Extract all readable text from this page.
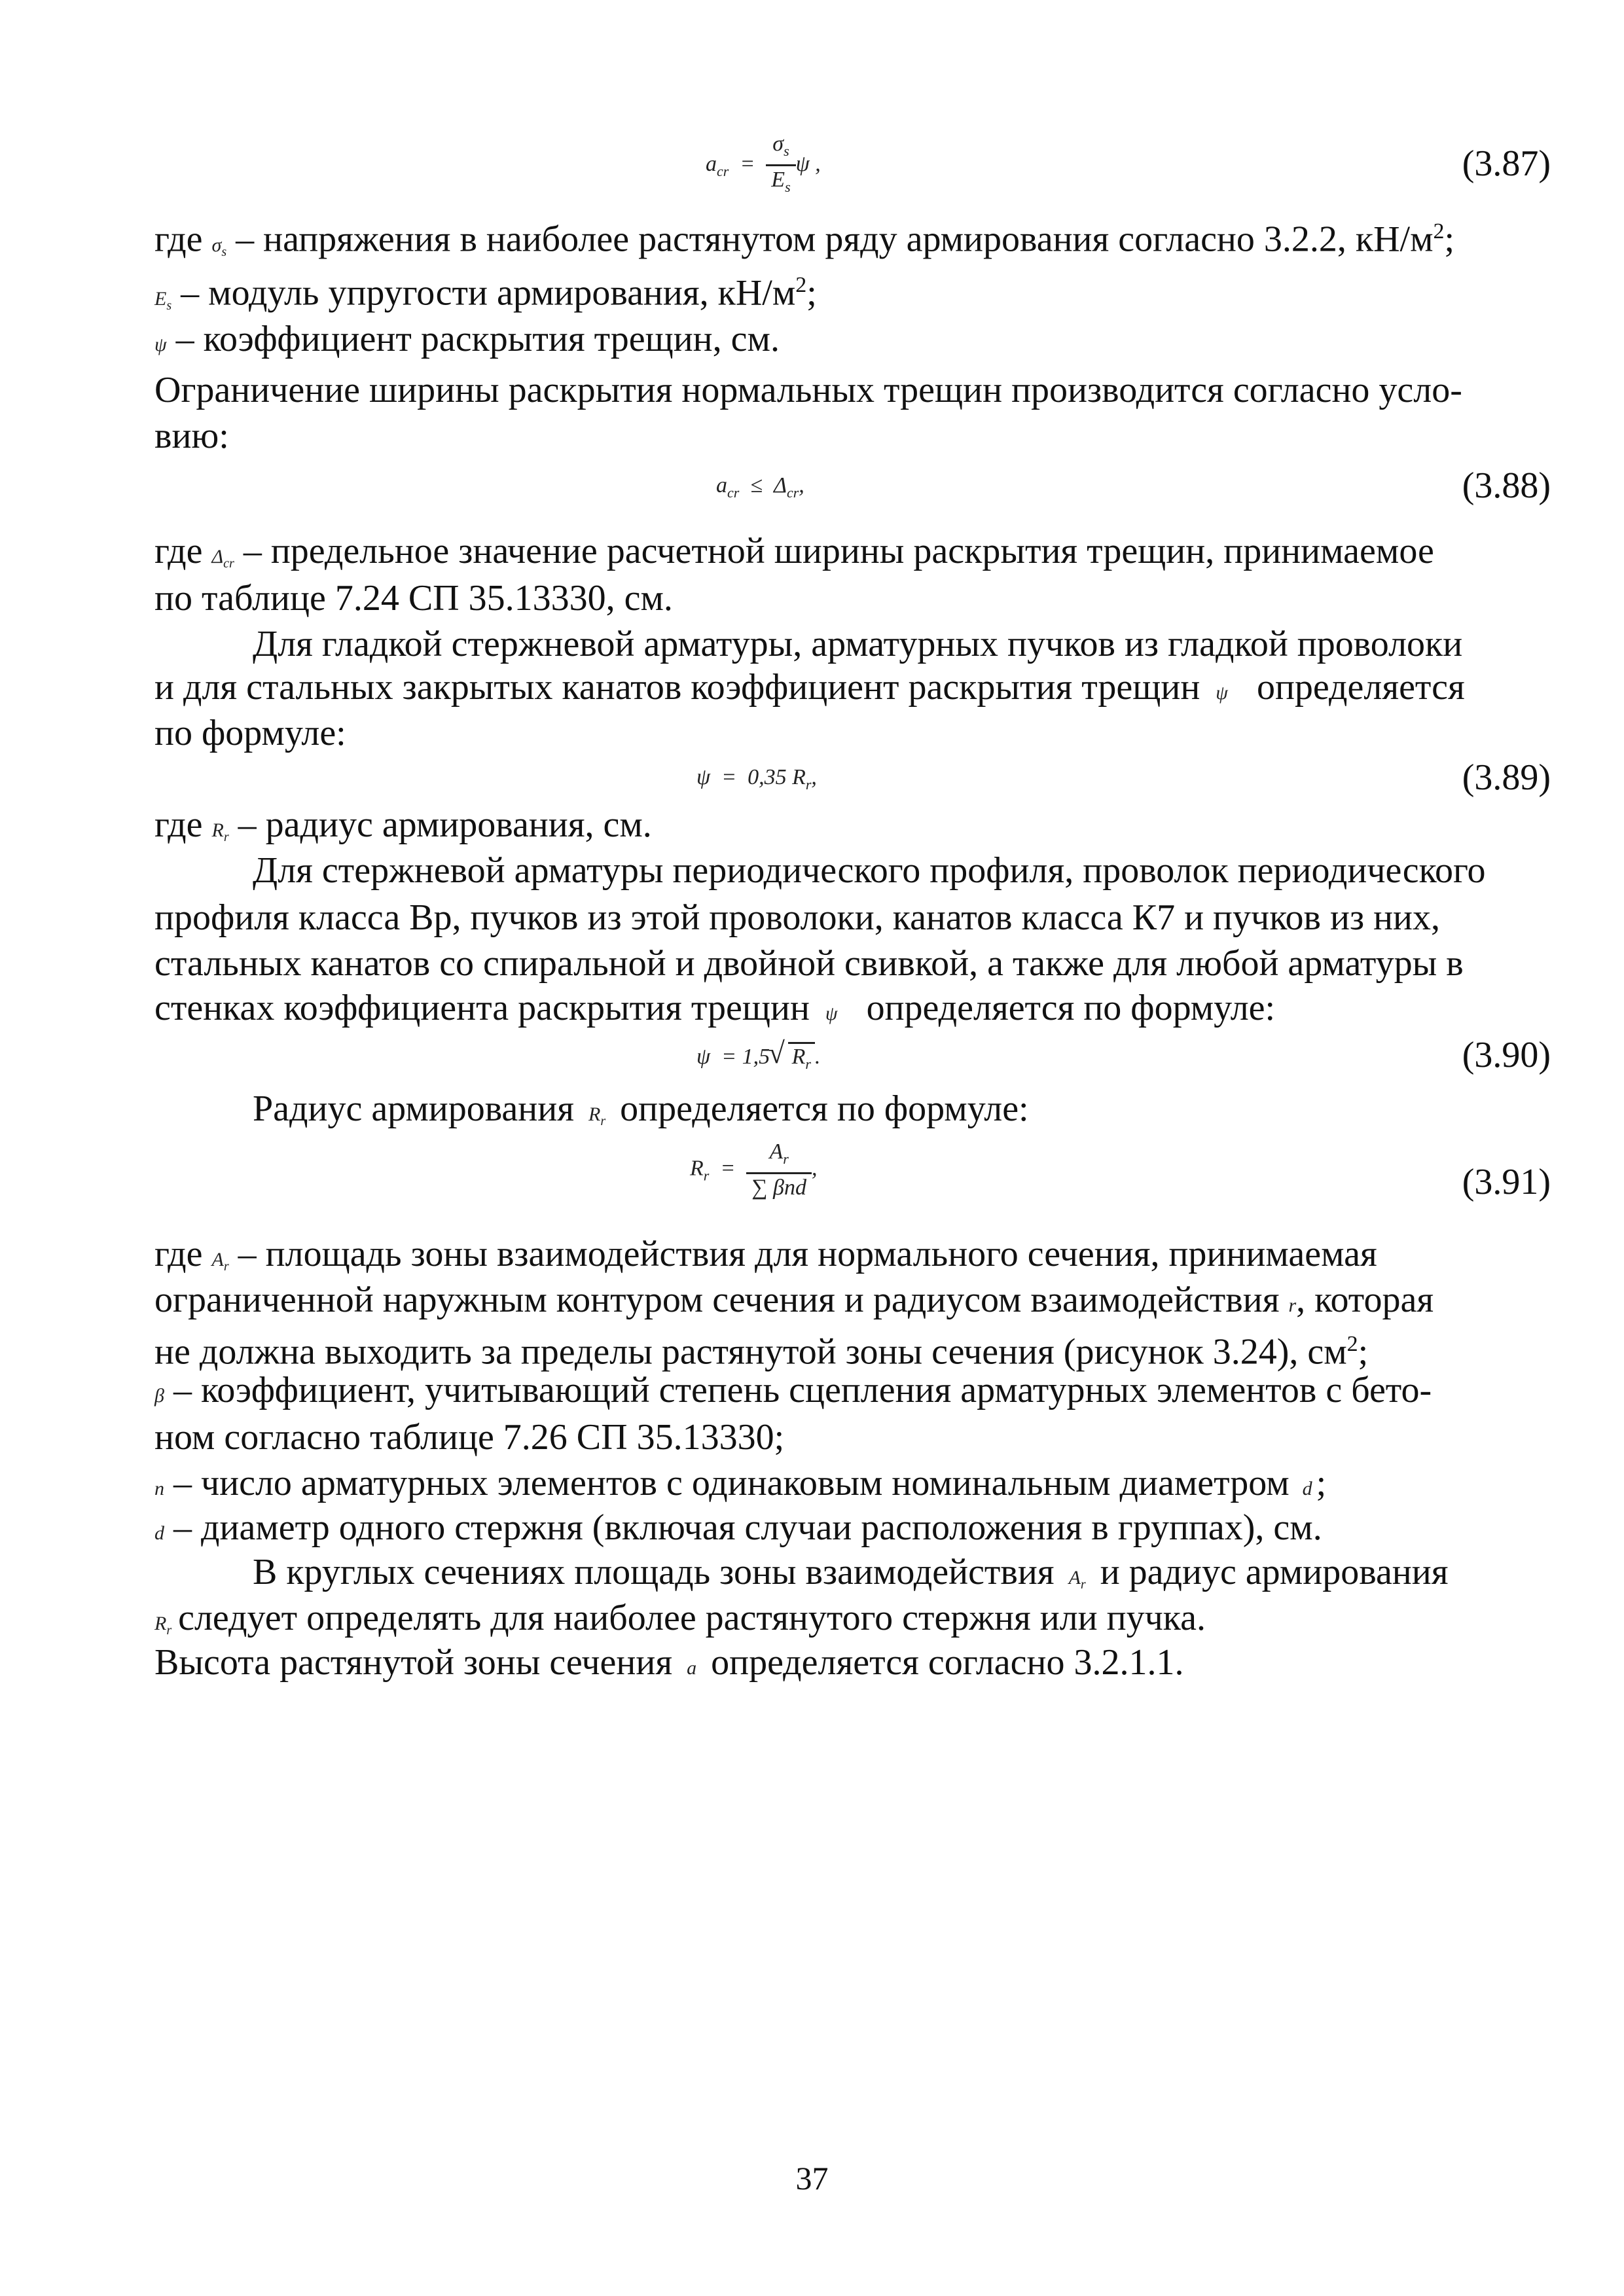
$a_{cr} = \frac{\sigma_s}{E_s}$ ψ ,	(3.87)
где $\sigma_s$ – напряжения в наиболее растянутом ряду армирования согласно 3.2.2, $кН/м^2$;
$E_s$ – модуль упругости армирования, $кН/м^2$;
ψ – коэффициент раскрытия трещин, см.
Ограничение ширины раскрытия нормальных трещин производится согласно усло-
вию:
$a_{cr} \le \Delta_{cr}$,	(3.88)
где $\Delta_{cr}$ – предельное значение расчетной ширины раскрытия трещин, принимаемое
по таблице 7.24 СП 35.13330, см.
Для гладкой стержневой арматуры, арматурных пучков из гладкой проволоки
и для стальных закрытых канатов коэффициент раскрытия трещин ψ определяется
по формуле:
ψ = 0,35 $R_r$,	(3.89)
где $R_r$ – радиус армирования, см.
Для стержневой арматуры периодического профиля, проволок периодического
профиля класса Вр, пучков из этой проволоки, канатов класса К7 и пучков из них,
стальных канатов со спиральной и двойной свивкой, а также для любой арматуры в
стенках коэффициента раскрытия трещин ψ определяется по формуле:
ψ = 1,5   √ $R_r$ .	(3.90)
Радиус армирования $R_r$ определяется по формуле:
$R_r = \frac{A_r}{\text{∑ βnd}}$ ,	(3.91)
где $A_r$ – площадь зоны взаимодействия для нормального сечения, принимаемая
ограниченной наружным контуром сечения и радиусом взаимодействия r, которая
не должна выходить за пределы растянутой зоны сечения (рисунок 3.24), $см^2$;
β – коэффициент, учитывающий степень сцепления арматурных элементов с бето-
ном согласно таблице 7.26 СП 35.13330;
n – число арматурных элементов с одинаковым номинальным диаметром d ;
d – диаметр одного стержня (включая случаи расположения в группах), см.
В круглых сечениях площадь зоны взаимодействия $A_r$ и радиус армирования
$R_r$ следует определять для наиболее растянутого стержня или пучка.
Высота растянутой зоны сечения a определяется согласно 3.2.1.1.
37
